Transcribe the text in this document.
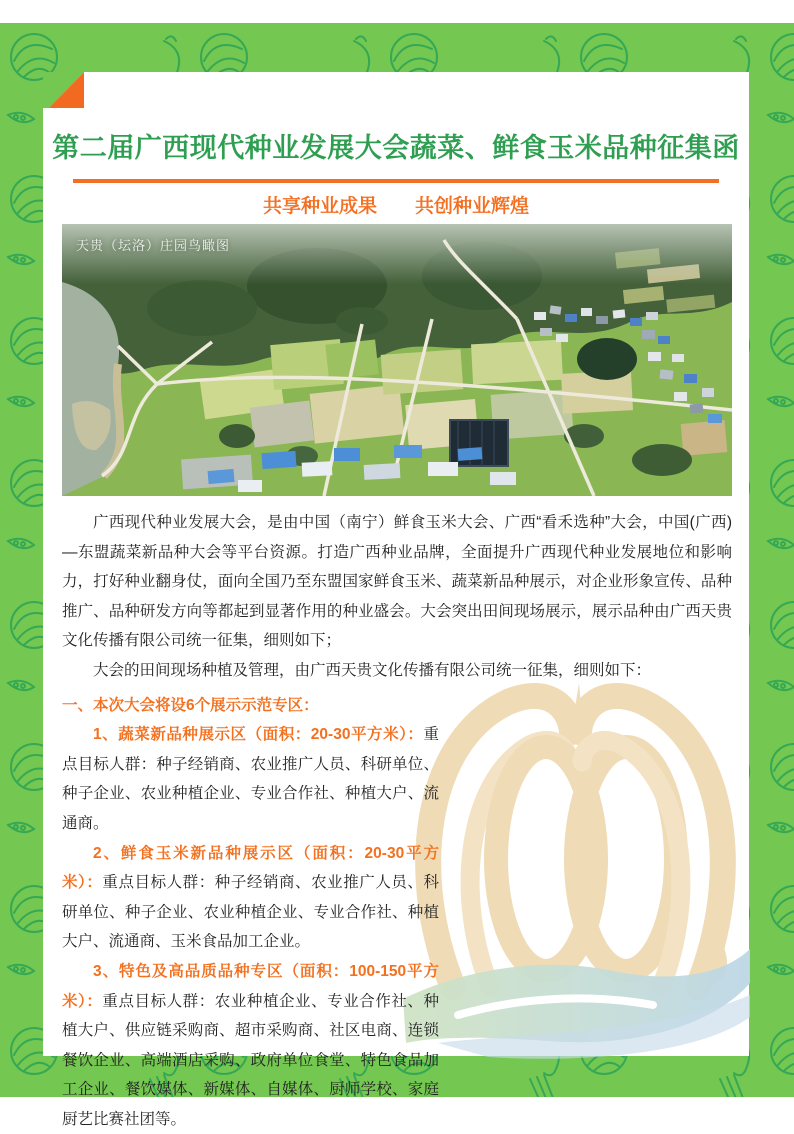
第二届广西现代种业发展大会蔬菜、鲜食玉米品种征集函
共享种业成果 共创种业辉煌
天贵（坛洛）庄园鸟瞰图

广西现代种业发展大会，是由中国（南宁）鲜食玉米大会、广西“看禾选种”大会，中国(广西)—东盟蔬菜新品种大会等平台资源。打造广西种业品牌，全面提升广西现代种业发展地位和影响力，打好种业翻身仗，面向全国乃至东盟国家鲜食玉米、蔬菜新品种展示，对企业形象宣传、品种推广、品种研发方向等都起到显著作用的种业盛会。大会突出田间现场展示，展示品种由广西天贵文化传播有限公司统一征集，细则如下；

大会的田间现场种植及管理，由广西天贵文化传播有限公司统一征集，细则如下：

一、本次大会将设6个展示示范专区：

1、蔬菜新品种展示区（面积：20-30平方米）：重点目标人群：种子经销商、农业推广人员、科研单位、种子企业、农业种植企业、专业合作社、种植大户、流通商。

2、鲜食玉米新品种展示区（面积：20-30平方米）：重点目标人群：种子经销商、农业推广人员、科研单位、种子企业、农业种植企业、专业合作社、种植大户、流通商、玉米食品加工企业。

3、特色及高品质品种专区（面积：100-150平方米）：重点目标人群：农业种植企业、专业合作社、种植大户、供应链采购商、超市采购商、社区电商、连锁餐饮企业、高端酒店采购、政府单位食堂、特色食品加工企业、餐饮媒体、新媒体、自媒体、厨师学校、家庭厨艺比赛社团等。
